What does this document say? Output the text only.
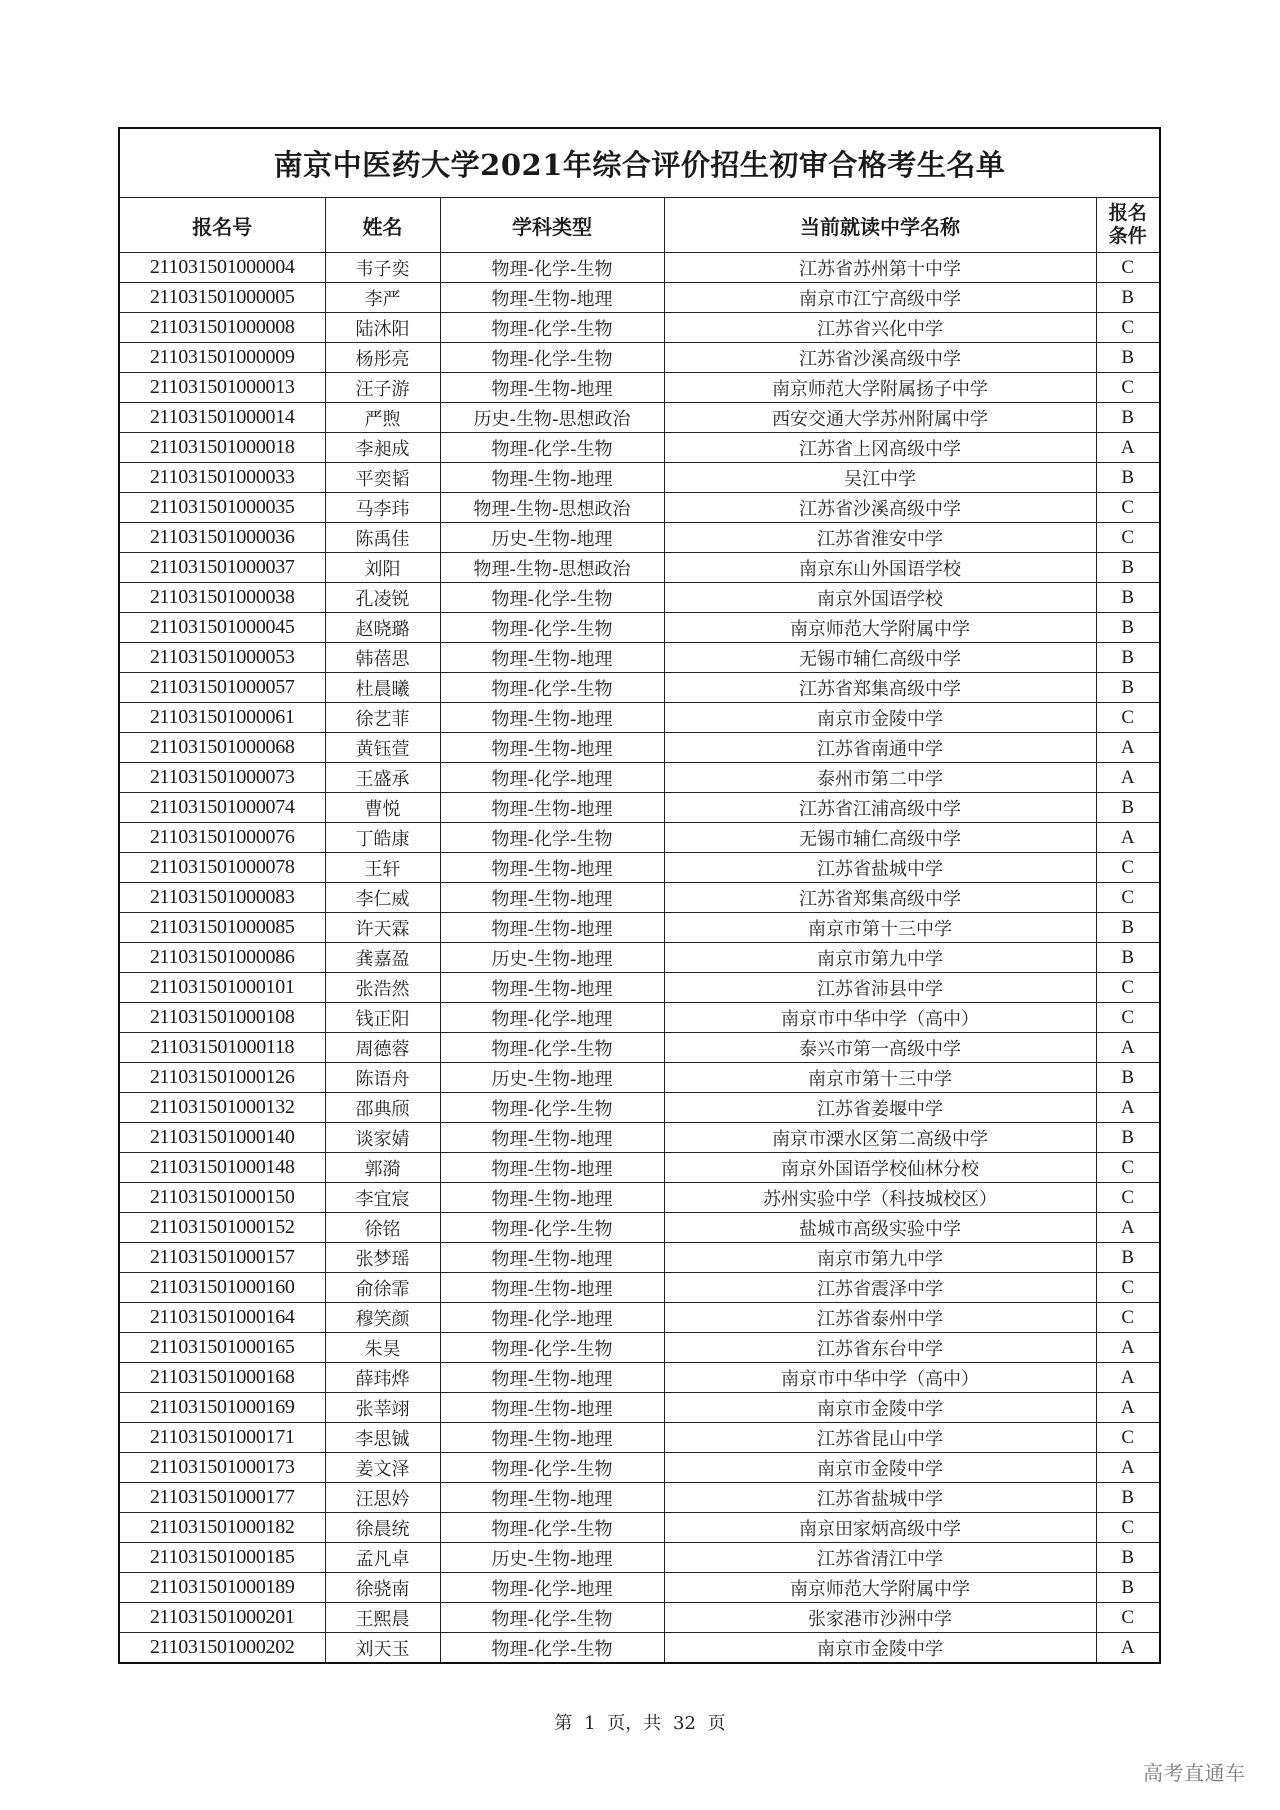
南京中医药大学2021年综合评价招生初审合格考生名单				
报名号	姓名	学科类型	当前就读中学名称	报名条件
211031501000004	韦子奕	物理-化学-生物	江苏省苏州第十中学	C
211031501000005	李严	物理-生物-地理	南京市江宁高级中学	B
211031501000008	陆沐阳	物理-化学-生物	江苏省兴化中学	C
211031501000009	杨彤亮	物理-化学-生物	江苏省沙溪高级中学	B
211031501000013	汪子游	物理-生物-地理	南京师范大学附属扬子中学	C
211031501000014	严煦	历史-生物-思想政治	西安交通大学苏州附属中学	B
211031501000018	李昶成	物理-化学-生物	江苏省上冈高级中学	A
211031501000033	平奕韬	物理-生物-地理	吴江中学	B
211031501000035	马李玮	物理-生物-思想政治	江苏省沙溪高级中学	C
211031501000036	陈禹佳	历史-生物-地理	江苏省淮安中学	C
211031501000037	刘阳	物理-生物-思想政治	南京东山外国语学校	B
211031501000038	孔凌锐	物理-化学-生物	南京外国语学校	B
211031501000045	赵晓璐	物理-化学-生物	南京师范大学附属中学	B
211031501000053	韩蓓思	物理-生物-地理	无锡市辅仁高级中学	B
211031501000057	杜晨曦	物理-化学-生物	江苏省郑集高级中学	B
211031501000061	徐艺菲	物理-生物-地理	南京市金陵中学	C
211031501000068	黄钰萱	物理-生物-地理	江苏省南通中学	A
211031501000073	王盛承	物理-化学-地理	泰州市第二中学	A
211031501000074	曹悦	物理-生物-地理	江苏省江浦高级中学	B
211031501000076	丁皓康	物理-化学-生物	无锡市辅仁高级中学	A
211031501000078	王轩	物理-生物-地理	江苏省盐城中学	C
211031501000083	李仁威	物理-生物-地理	江苏省郑集高级中学	C
211031501000085	许天霖	物理-生物-地理	南京市第十三中学	B
211031501000086	龚嘉盈	历史-生物-地理	南京市第九中学	B
211031501000101	张浩然	物理-生物-地理	江苏省沛县中学	C
211031501000108	钱正阳	物理-化学-地理	南京市中华中学（高中）	C
211031501000118	周德蓉	物理-化学-生物	泰兴市第一高级中学	A
211031501000126	陈语舟	历史-生物-地理	南京市第十三中学	B
211031501000132	邵典颀	物理-化学-生物	江苏省姜堰中学	A
211031501000140	谈家婧	物理-生物-地理	南京市溧水区第二高级中学	B
211031501000148	郭漪	物理-生物-地理	南京外国语学校仙林分校	C
211031501000150	李宜宸	物理-生物-地理	苏州实验中学（科技城校区）	C
211031501000152	徐铭	物理-化学-生物	盐城市高级实验中学	A
211031501000157	张梦瑶	物理-生物-地理	南京市第九中学	B
211031501000160	俞徐霏	物理-生物-地理	江苏省震泽中学	C
211031501000164	穆笑颜	物理-化学-地理	江苏省泰州中学	C
211031501000165	朱昊	物理-化学-生物	江苏省东台中学	A
211031501000168	薛玮烨	物理-生物-地理	南京市中华中学（高中）	A
211031501000169	张莘翊	物理-生物-地理	南京市金陵中学	A
211031501000171	李思铖	物理-生物-地理	江苏省昆山中学	C
211031501000173	姜文泽	物理-化学-生物	南京市金陵中学	A
211031501000177	汪思妗	物理-生物-地理	江苏省盐城中学	B
211031501000182	徐晨统	物理-化学-生物	南京田家炳高级中学	C
211031501000185	孟凡卓	历史-生物-地理	江苏省清江中学	B
211031501000189	徐骁南	物理-化学-地理	南京师范大学附属中学	B
211031501000201	王熙晨	物理-化学-生物	张家港市沙洲中学	C
211031501000202	刘天玉	物理-化学-生物	南京市金陵中学	A
第 1 页，共 32 页
高考直通车
